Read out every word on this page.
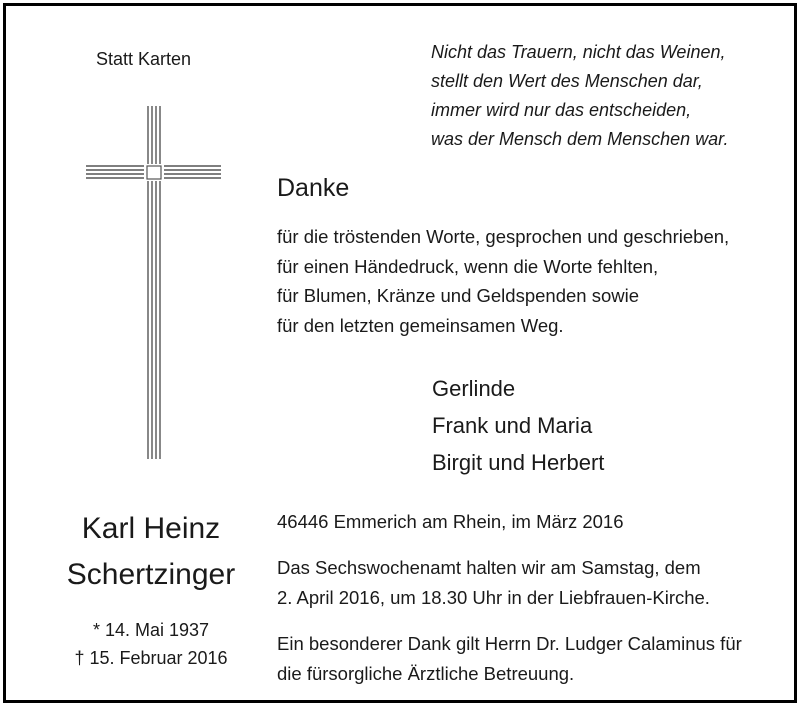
Statt Karten	Nicht das Trauern, nicht das Weinen,
stellt den Wert des Menschen dar,
immer wird nur das entscheiden,
was der Mensch dem Menschen war.
Danke
für die tröstenden Worte, gesprochen und geschrieben,
für einen Händedruck, wenn die Worte fehlten,
für Blumen, Kränze und Geldspenden sowie
für den letzten gemeinsamen Weg.
Gerlinde
Frank und Maria
Birgit und Herbert
Karl Heinz
Schertzinger
* 14. Mai 1937
† 15. Februar 2016
46446 Emmerich am Rhein, im März 2016
Das Sechswochenamt halten wir am Samstag, dem
2. April 2016, um 18.30 Uhr in der Liebfrauen-Kirche.
Ein besonderer Dank gilt Herrn Dr. Ludger Calaminus für
die fürsorgliche Ärztliche Betreuung.
